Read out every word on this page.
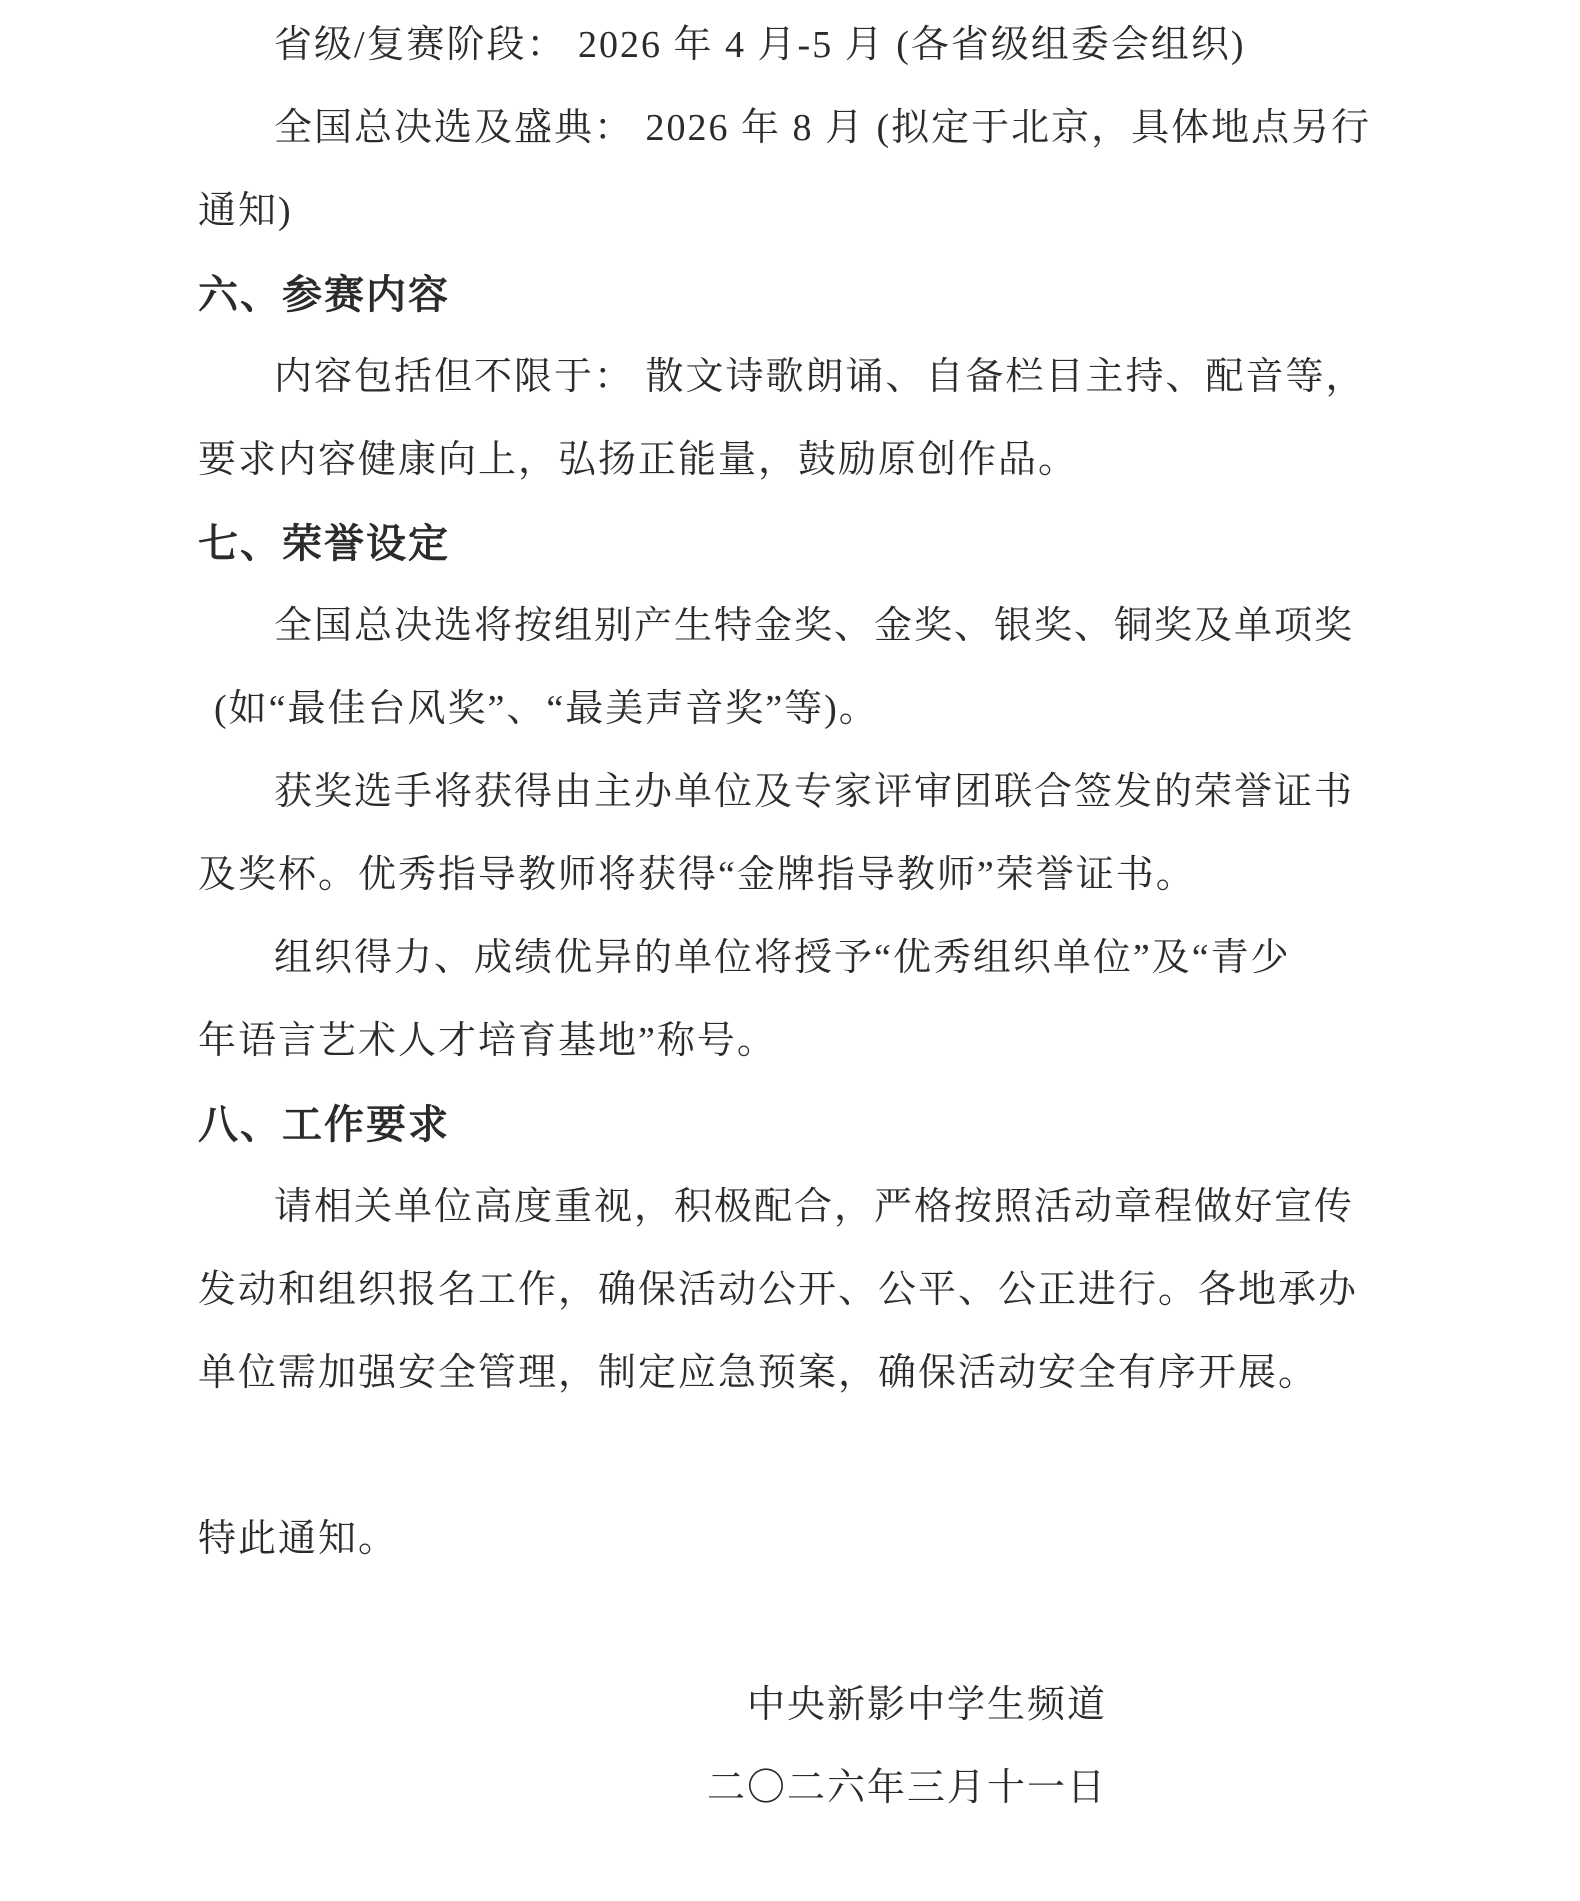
省级/复赛阶段： 2026 年 4 月-5 月 (各省级组委会组织)
全国总决选及盛典： 2026 年 8 月 (拟定于北京，具体地点另行
通知)
六、参赛内容
内容包括但不限于： 散文诗歌朗诵、自备栏目主持、配音等，
要求内容健康向上，弘扬正能量，鼓励原创作品。
七、荣誉设定
全国总决选将按组别产生特金奖、金奖、银奖、铜奖及单项奖
(如“最佳台风奖”、“最美声音奖”等)。
获奖选手将获得由主办单位及专家评审团联合签发的荣誉证书
及奖杯。优秀指导教师将获得“金牌指导教师”荣誉证书。
组织得力、成绩优异的单位将授予“优秀组织单位”及“青少
年语言艺术人才培育基地”称号。
八、工作要求
请相关单位高度重视，积极配合，严格按照活动章程做好宣传
发动和组织报名工作，确保活动公开、公平、公正进行。各地承办
单位需加强安全管理，制定应急预案，确保活动安全有序开展。
特此通知。
中央新影中学生频道
二〇二六年三月十一日
